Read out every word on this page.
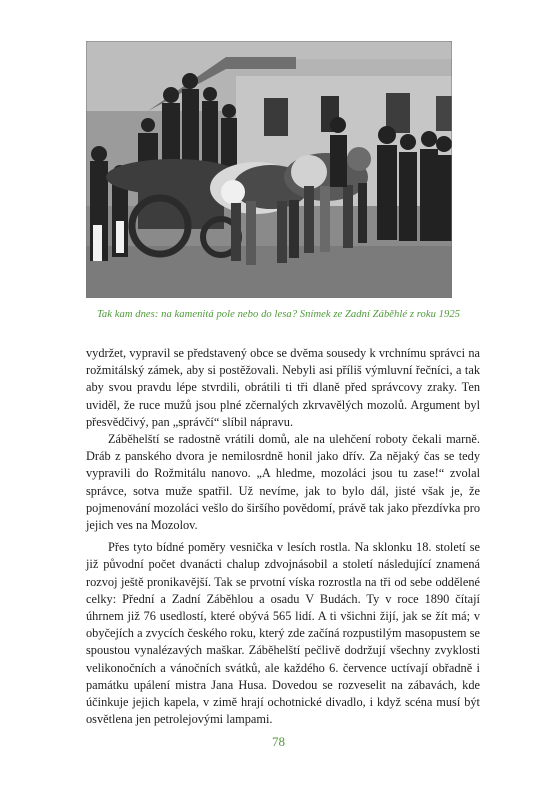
Tak kam dnes: na kamenitá pole nebo do lesa? Snímek ze Zadní Záběhlé z roku 1925

vydržet, vypravil se představený obce se dvěma sousedy k vrchnímu správci na rožmitálský zámek, aby si postěžovali. Nebyli asi příliš výmluvní řečníci, a tak aby svou pravdu lépe stvrdili, obrátili ti tři dlaně před správcovy zraky. Ten uviděl, že ruce mužů jsou plné zčernalých zkrvavělých mozolů. Argument byl přesvědčivý, pan „správčí“ slíbil nápravu.

Záběhelští se radostně vrátili domů, ale na ulehčení roboty čekali marně. Dráb z panského dvora je nemilosrdně honil jako dřív. Za nějaký čas se tedy vypravili do Rožmitálu nanovo. „A hledme, mozoláci jsou tu zase!“ zvolal správce, sotva muže spatřil. Už nevíme, jak to bylo dál, jisté však je, že pojmenování mozoláci vešlo do širšího povědomí, právě tak jako přezdívka pro jejich ves na Mozolov.

Přes tyto bídné poměry vesnička v lesích rostla. Na sklonku 18. století se již původní počet dvanácti chalup zdvojnásobil a století následující znamená rozvoj ještě pronikavější. Tak se prvotní víska rozrostla na tři od sebe oddělené celky: Přední a Zadní Záběhlou a osadu V Budách. Ty v roce 1890 čítají úhrnem již 76 usedlostí, které obývá 565 lidí. A ti všichni žijí, jak se žít má; v obyčejích a zvycích českého roku, který zde začíná rozpustilým masopustem se spoustou vynalézavých maškar. Záběhelští pečlivě dodržují všechny zvyklosti velikonočních a vánočních svátků, ale každého 6. července uctívají obřadně i památku upálení mistra Jana Husa. Dovedou se rozveselit na zábavách, kde účinkuje jejich kapela, v zimě hrají ochotnické divadlo, i když scéna musí být osvětlena jen petrolejovými lampami.

78
